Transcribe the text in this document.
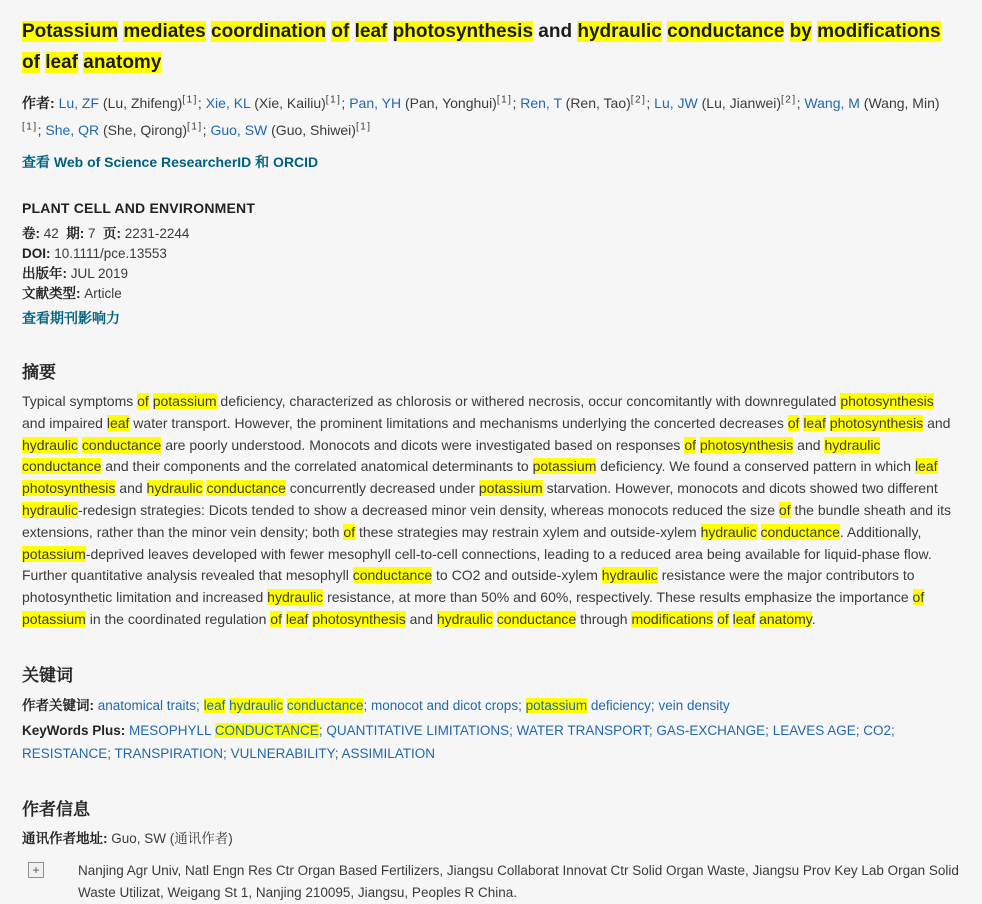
Potassium mediates coordination of leaf photosynthesis and hydraulic conductance by modifications of leaf anatomy

作者: Lu, ZF (Lu, Zhifeng)[1]; Xie, KL (Xie, Kailiu)[1]; Pan, YH (Pan, Yonghui)[1]; Ren, T (Ren, Tao)[2]; Lu, JW (Lu, Jianwei)[2]; Wang, M (Wang, Min)[1]; She, QR (She, Qirong)[1]; Guo, SW (Guo, Shiwei)[1]

查看 Web of Science ResearcherID 和 ORCID

PLANT CELL AND ENVIRONMENT

卷: 42  期: 7  页: 2231-2244

DOI: 10.1111/pce.13553

出版年: JUL 2019

文献类型: Article

查看期刊影响力
摘要

Typical symptoms of potassium deficiency, characterized as chlorosis or withered necrosis, occur concomitantly with downregulated photosynthesis and impaired leaf water transport. However, the prominent limitations and mechanisms underlying the concerted decreases of leaf photosynthesis and hydraulic conductance are poorly understood. Monocots and dicots were investigated based on responses of photosynthesis and hydraulic conductance and their components and the correlated anatomical determinants to potassium deficiency. We found a conserved pattern in which leaf photosynthesis and hydraulic conductance concurrently decreased under potassium starvation. However, monocots and dicots showed two different hydraulic-redesign strategies: Dicots tended to show a decreased minor vein density, whereas monocots reduced the size of the bundle sheath and its extensions, rather than the minor vein density; both of these strategies may restrain xylem and outside-xylem hydraulic conductance. Additionally, potassium-deprived leaves developed with fewer mesophyll cell-to-cell connections, leading to a reduced area being available for liquid-phase flow. Further quantitative analysis revealed that mesophyll conductance to CO2 and outside-xylem hydraulic resistance were the major contributors to photosynthetic limitation and increased hydraulic resistance, at more than 50% and 60%, respectively. These results emphasize the importance of potassium in the coordinated regulation of leaf photosynthesis and hydraulic conductance through modifications of leaf anatomy.

关键词

作者关键词: anatomical traits; leaf hydraulic conductance; monocot and dicot crops; potassium deficiency; vein density

KeyWords Plus: MESOPHYLL CONDUCTANCE; QUANTITATIVE LIMITATIONS; WATER TRANSPORT; GAS-EXCHANGE; LEAVES AGE; CO2; RESISTANCE; TRANSPIRATION; VULNERABILITY; ASSIMILATION

作者信息

通讯作者地址: Guo, SW (通讯作者)

+	Nanjing Agr Univ, Natl Engn Res Ctr Organ Based Fertilizers, Jiangsu Collaborat Innovat Ctr Solid Organ Waste, Jiangsu Prov Key Lab Organ Solid Waste Utilizat, Weigang St 1, Nanjing 210095, Jiangsu, Peoples R China.
